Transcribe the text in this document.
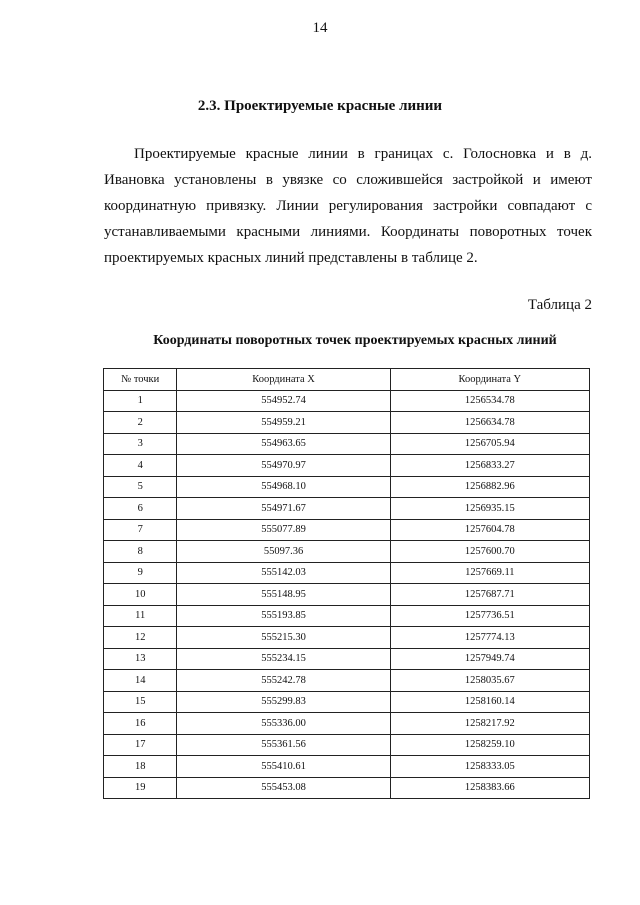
14
2.3. Проектируемые красные линии

Проектируемые красные линии в границах с. Голосновка и в д. Ивановка установлены в увязке со сложившейся застройкой и имеют координатную привязку. Линии регулирования застройки совпадают с устанавливаемыми красными линиями. Координаты поворотных точек проектируемых красных линий представлены в таблице 2.

Таблица 2
Координаты поворотных точек проектируемых красных линий
№ точки	Координата X	Координата Y
1	554952.74	1256534.78
2	554959.21	1256634.78
3	554963.65	1256705.94
4	554970.97	1256833.27
5	554968.10	1256882.96
6	554971.67	1256935.15
7	555077.89	1257604.78
8	55097.36	1257600.70
9	555142.03	1257669.11
10	555148.95	1257687.71
11	555193.85	1257736.51
12	555215.30	1257774.13
13	555234.15	1257949.74
14	555242.78	1258035.67
15	555299.83	1258160.14
16	555336.00	1258217.92
17	555361.56	1258259.10
18	555410.61	1258333.05
19	555453.08	1258383.66
